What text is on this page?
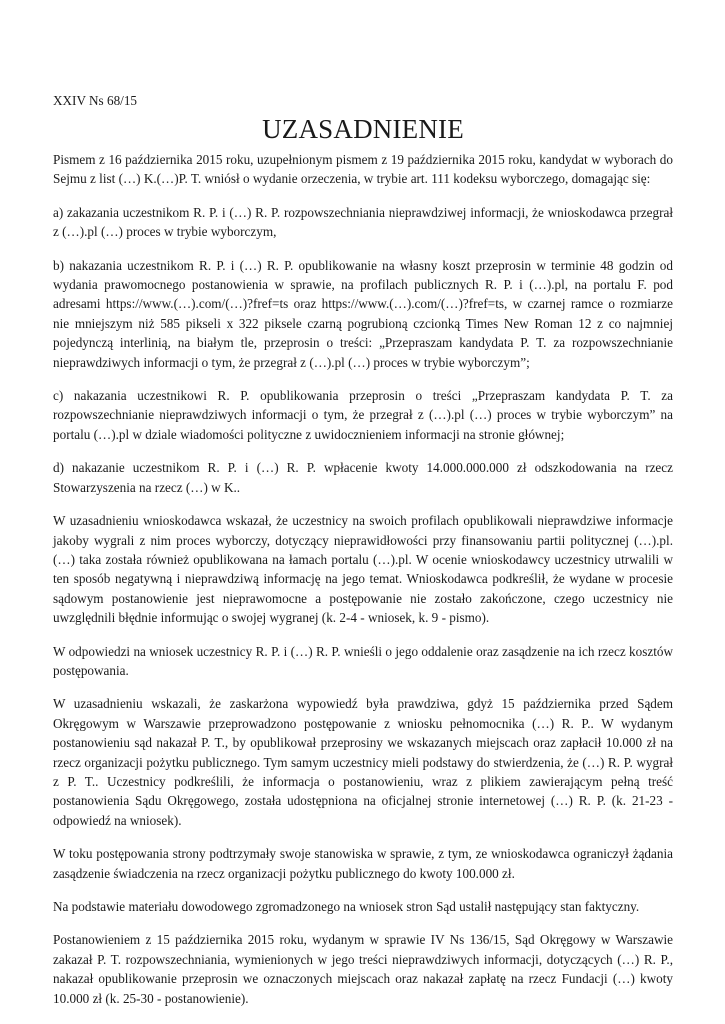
XXIV Ns 68/15
UZASADNIENIE

Pismem z 16 października 2015 roku, uzupełnionym pismem z 19 października 2015 roku, kandydat w wyborach do Sejmu z list (…) K.(…)P. T. wniósł o wydanie orzeczenia, w trybie art. 111 kodeksu wyborczego, domagając się:

a) zakazania uczestnikom R. P. i (…) R. P. rozpowszechniania nieprawdziwej informacji, że wnioskodawca przegrał z (…).pl (…) proces w trybie wyborczym,

b) nakazania uczestnikom R. P. i (…) R. P. opublikowanie na własny koszt przeprosin w terminie 48 godzin od wydania prawomocnego postanowienia w sprawie, na profilach publicznych R. P. i (…).pl, na portalu F. pod adresami https://www.(…).com/(…)?fref=ts oraz https://www.(…).com/(…)?fref=ts, w czarnej ramce o rozmiarze nie mniejszym niż 585 pikseli x 322 piksele czarną pogrubioną czcionką Times New Roman 12 z co najmniej pojedynczą interlinią, na białym tle, przeprosin o treści: „Przepraszam kandydata P. T. za rozpowszechnianie nieprawdziwych informacji o tym, że przegrał z (…).pl (…) proces w trybie wyborczym”;

c) nakazania uczestnikowi R. P. opublikowania przeprosin o treści „Przepraszam kandydata P. T. za rozpowszechnianie nieprawdziwych informacji o tym, że przegrał z (…).pl (…) proces w trybie wyborczym” na portalu (…).pl w dziale wiadomości polityczne z uwidocznieniem informacji na stronie głównej;

d) nakazanie uczestnikom R. P. i (…) R. P. wpłacenie kwoty 14.000.000.000 zł odszkodowania na rzecz Stowarzyszenia na rzecz (…) w K..

W uzasadnieniu wnioskodawca wskazał, że uczestnicy na swoich profilach opublikowali nieprawdziwe informacje jakoby wygrali z nim proces wyborczy, dotyczący nieprawidłowości przy finansowaniu partii politycznej (…).pl. (…) taka została również opublikowana na łamach portalu (…).pl. W ocenie wnioskodawcy uczestnicy utrwalili w ten sposób negatywną i nieprawdziwą informację na jego temat. Wnioskodawca podkreślił, że wydane w procesie sądowym postanowienie jest nieprawomocne a postępowanie nie zostało zakończone, czego uczestnicy nie uwzględnili błędnie informując o swojej wygranej (k. 2-4 - wniosek, k. 9 - pismo).

W odpowiedzi na wniosek uczestnicy R. P. i (…) R. P. wnieśli o jego oddalenie oraz zasądzenie na ich rzecz kosztów postępowania.

W uzasadnieniu wskazali, że zaskarżona wypowiedź była prawdziwa, gdyż 15 października przed Sądem Okręgowym w Warszawie przeprowadzono postępowanie z wniosku pełnomocnika (…) R. P.. W wydanym postanowieniu sąd nakazał P. T., by opublikował przeprosiny we wskazanych miejscach oraz zapłacił 10.000 zł na rzecz organizacji pożytku publicznego. Tym samym uczestnicy mieli podstawy do stwierdzenia, że (…) R. P. wygrał z P. T.. Uczestnicy podkreślili, że informacja o postanowieniu, wraz z plikiem zawierającym pełną treść postanowienia Sądu Okręgowego, została udostępniona na oficjalnej stronie internetowej (…) R. P. (k. 21-23 - odpowiedź na wniosek).

W toku postępowania strony podtrzymały swoje stanowiska w sprawie, z tym, ze wnioskodawca ograniczył żądania zasądzenie świadczenia na rzecz organizacji pożytku publicznego do kwoty 100.000 zł.

Na podstawie materiału dowodowego zgromadzonego na wniosek stron Sąd ustalił następujący stan faktyczny.

Postanowieniem z 15 października 2015 roku, wydanym w sprawie IV Ns 136/15, Sąd Okręgowy w Warszawie zakazał P. T. rozpowszechniania, wymienionych w jego treści nieprawdziwych informacji, dotyczących (…) R. P., nakazał opublikowanie przeprosin we oznaczonych miejscach oraz nakazał zapłatę na rzecz Fundacji (…) kwoty 10.000 zł (k. 25-30 - postanowienie).
